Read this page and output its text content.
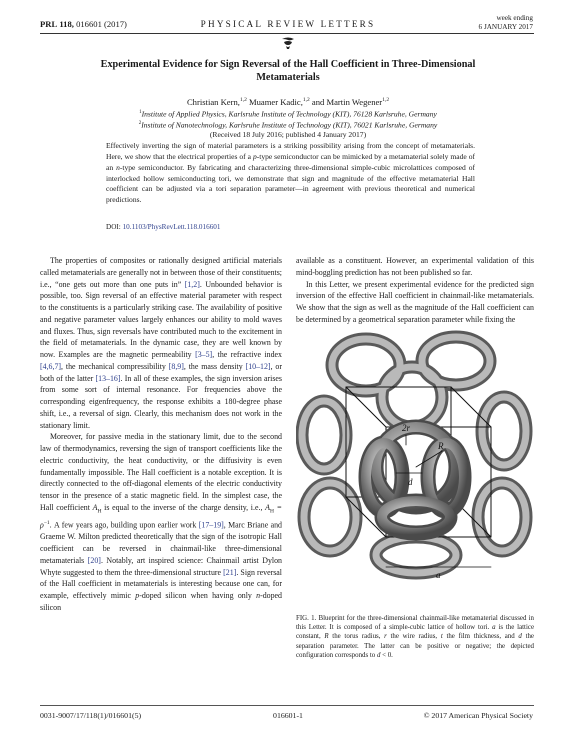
PRL 118, 016601 (2017)	PHYSICAL REVIEW LETTERS
week ending
6 JANUARY 2017
Experimental Evidence for Sign Reversal of the Hall Coefficient in Three-Dimensional
Metamaterials
Christian Kern,$^{1,2}$ Muamer Kadic,$^{1,2}$ and Martin Wegener$^{1,2}$
$^1$Institute of Applied Physics, Karlsruhe Institute of Technology (KIT), 76128 Karlsruhe, Germany
$^2$Institute of Nanotechnology, Karlsruhe Institute of Technology (KIT), 76021 Karlsruhe, Germany
(Received 18 July 2016; published 4 January 2017)
Effectively inverting the sign of material parameters is a striking possibility arising from the concept of metamaterials. Here, we show that the electrical properties of a p-type semiconductor can be mimicked by a metamaterial solely made of an n-type semiconductor. By fabricating and characterizing three-dimensional simple-cubic microlattices composed of interlocked hollow semiconducting tori, we demonstrate that sign and magnitude of the effective metamaterial Hall coefficient can be adjusted via a tori separation parameter—in agreement with previous theoretical and numerical predictions.
DOI: 10.1103/PhysRevLett.118.016601

The properties of composites or rationally designed artificial materials called metamaterials are generally not in between those of their constituents; i.e., “one gets out more than one puts in” [1,2]. Unbounded behavior is possible, too. Sign reversal of an effective material parameter with respect to the constituents is a particularly striking case. The availability of positive and negative parameter values largely enhances our ability to mold waves and fluxes. Thus, sign reversals have contributed much to the excitement in the field of metamaterials. In the dynamic case, they are well known by now. Examples are the magnetic permeability [3–5], the refractive index [4,6,7], the mechanical compressibility [8,9], the mass density [10–12], or both of the latter [13–16]. In all of these examples, the sign inversion arises from some sort of internal resonance. For frequencies above the corresponding eigenfrequency, the response exhibits a 180-degree phase shift, i.e., a reversal of sign. Clearly, this mechanism does not work in the stationary limit.

Moreover, for passive media in the stationary limit, due to the second law of thermodynamics, reversing the sign of transport coefficients like the electric conductivity, the heat conductivity, or the diffusivity is even fundamentally impossible. The Hall coefficient is a notable exception. It is directly connected to the off-diagonal elements of the electric conductivity tensor in the presence of a static magnetic field. In the simplest case, the Hall coefficient $A_H$ is equal to the inverse of the charge density, i.e., $A_H = \rho^{-1}$. A few years ago, building upon earlier work [17–19], Marc Briane and Graeme W. Milton predicted theoretically that the sign of the isotropic Hall coefficient can be reversed in chainmail-like three-dimensional metamaterials [20]. Notably, art inspired science: Chainmail artist Dylon Whyte suggested to them the three-dimensional structure [21]. Sign reversal of the Hall coefficient in metamaterials is interesting because one can, for example, effectively mimic p-doped silicon when having only n-doped silicon

available as a constituent. However, an experimental validation of this mind-boggling prediction has not been published so far.

In this Letter, we present experimental evidence for the predicted sign inversion of the effective Hall coefficient in chainmail-like metamaterials. We show that the sign as well as the magnitude of the Hall coefficient can be determined by a geometrical separation parameter while fixing the

2r
R
d
a
FIG. 1. Blueprint for the three-dimensional chainmail-like metamaterial discussed in this Letter. It is composed of a simple-cubic lattice of hollow tori. a is the lattice constant, R the torus radius, r the wire radius, t the film thickness, and d the separation parameter. The latter can be positive or negative; the depicted configuration corresponds to d < 0.
0031-9007/17/118(1)/016601(5)	016601-1	© 2017 American Physical Society
